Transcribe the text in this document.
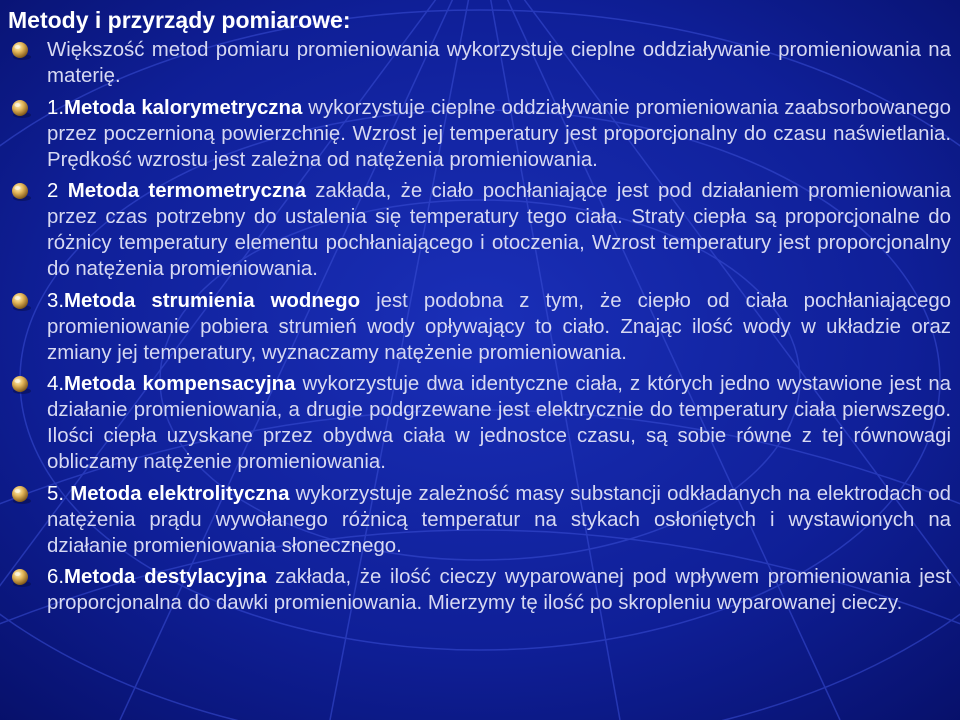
Metody i przyrządy pomiarowe:
Większość metod pomiaru promieniowania wykorzystuje cieplne oddziaływanie promieniowania na materię.
1.Metoda kalorymetryczna wykorzystuje cieplne oddziaływanie promieniowania zaabsorbowanego przez poczernioną powierzchnię. Wzrost jej temperatury jest proporcjonalny do czasu naświetlania. Prędkość wzrostu jest zależna od natężenia promieniowania.
2 Metoda termometryczna zakłada, że ciało pochłaniające jest pod działaniem promieniowania przez czas potrzebny do ustalenia się temperatury tego ciała. Straty ciepła są proporcjonalne do różnicy temperatury elementu pochłaniającego i otoczenia, Wzrost temperatury jest proporcjonalny do natężenia promieniowania.
3.Metoda strumienia wodnego jest podobna z tym, że ciepło od ciała pochłaniającego promieniowanie pobiera strumień wody opływający to ciało. Znając ilość wody w układzie oraz zmiany jej temperatury, wyznaczamy natężenie promieniowania.
4.Metoda kompensacyjna wykorzystuje dwa identyczne ciała, z których jedno wystawione jest na działanie promieniowania, a drugie podgrzewane jest elektrycznie do temperatury ciała pierwszego. Ilości ciepła uzyskane przez obydwa ciała w jednostce czasu, są sobie równe z tej równowagi obliczamy natężenie promieniowania.
5. Metoda elektrolityczna wykorzystuje zależność masy substancji odkładanych na elektrodach od natężenia prądu wywołanego różnicą temperatur na stykach osłoniętych i wystawionych na działanie promieniowania słonecznego.
6.Metoda destylacyjna zakłada, że ilość cieczy wyparowanej pod wpływem promieniowania jest proporcjonalna do dawki promieniowania. Mierzymy tę ilość po skropleniu wyparowanej cieczy.
